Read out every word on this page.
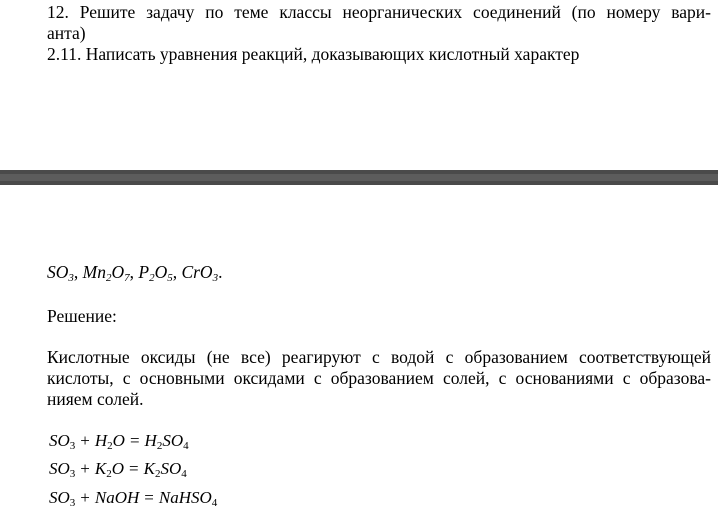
12. Решите задачу по теме классы неорганических соединений (по номеру вари-
анта)
2.11. Написать уравнения реакций, доказывающих кислотный характер
$SO_3$, $Mn_2O_7$, $P_2O_5$, CrO$_3$.
Решение:
Кислотные оксиды (не все) реагируют с водой с образованием соответствующей
кислоты, с основными оксидами с образованием солей, с основаниями с образова-
нияем солей.
$SO_3 + H_2O = H_2SO_4$
$SO_3 + K_2O = K_2SO_4$
$SO_3$ + NaOH = NaHSO$_4$
